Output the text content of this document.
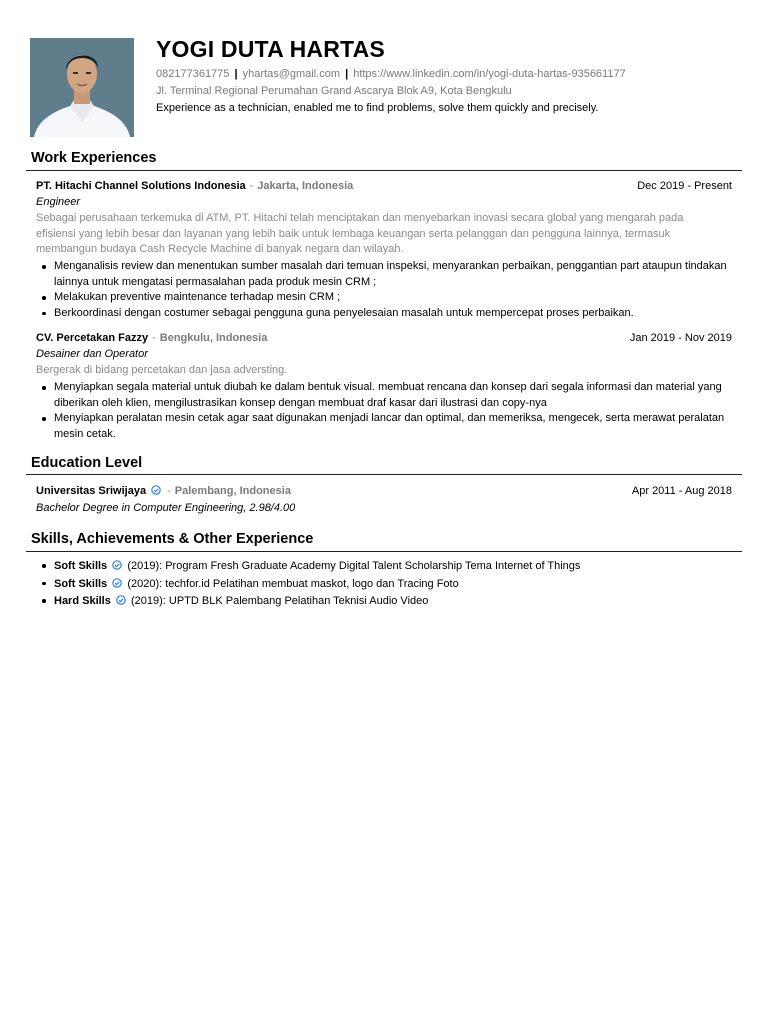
YOGI DUTA HARTAS
082177361775 | yhartas@gmail.com | https://www.linkedin.com/in/yogi-duta-hartas-935661177
Jl. Terminal Regional Perumahan Grand Ascarya Blok A9, Kota Bengkulu
Experience as a technician, enabled me to find problems, solve them quickly and precisely.
Work Experiences
PT. Hitachi Channel Solutions Indonesia - Jakarta, Indonesia	Dec 2019 - Present
Engineer
Sebagai perusahaan terkemuka di ATM, PT. Hitachi telah menciptakan dan menyebarkan inovasi secara global yang mengarah pada efisiensi yang lebih besar dan layanan yang lebih baik untuk lembaga keuangan serta pelanggan dan pengguna lainnya, termasuk membangun budaya Cash Recycle Machine di banyak negara dan wilayah.
Menganalisis review dan menentukan sumber masalah dari temuan inspeksi, menyarankan perbaikan, penggantian part ataupun tindakan lainnya untuk mengatasi permasalahan pada produk mesin CRM ;
Melakukan preventive maintenance terhadap mesin CRM ;
Berkoordinasi dengan costumer sebagai pengguna guna penyelesaian masalah untuk mempercepat proses perbaikan.
CV. Percetakan Fazzy - Bengkulu, Indonesia	Jan 2019 - Nov 2019
Desainer dan Operator
Bergerak di bidang percetakan dan jasa adversting.
Menyiapkan segala material untuk diubah ke dalam bentuk visual. membuat rencana dan konsep dari segala informasi dan material yang diberikan oleh klien, mengilustrasikan konsep dengan membuat draf kasar dari ilustrasi dan copy-nya
Menyiapkan peralatan mesin cetak agar saat digunakan menjadi lancar dan optimal, dan memeriksa, mengecek, serta merawat peralatan mesin cetak.
Education Level
Universitas Sriwijaya - Palembang, Indonesia	Apr 2011 - Aug 2018
Bachelor Degree in Computer Engineering, 2.98/4.00
Skills, Achievements & Other Experience
Soft Skills (2019): Program Fresh Graduate Academy Digital Talent Scholarship Tema Internet of Things
Soft Skills (2020): techfor.id Pelatihan membuat maskot, logo dan Tracing Foto
Hard Skills (2019): UPTD BLK Palembang Pelatihan Teknisi Audio Video
